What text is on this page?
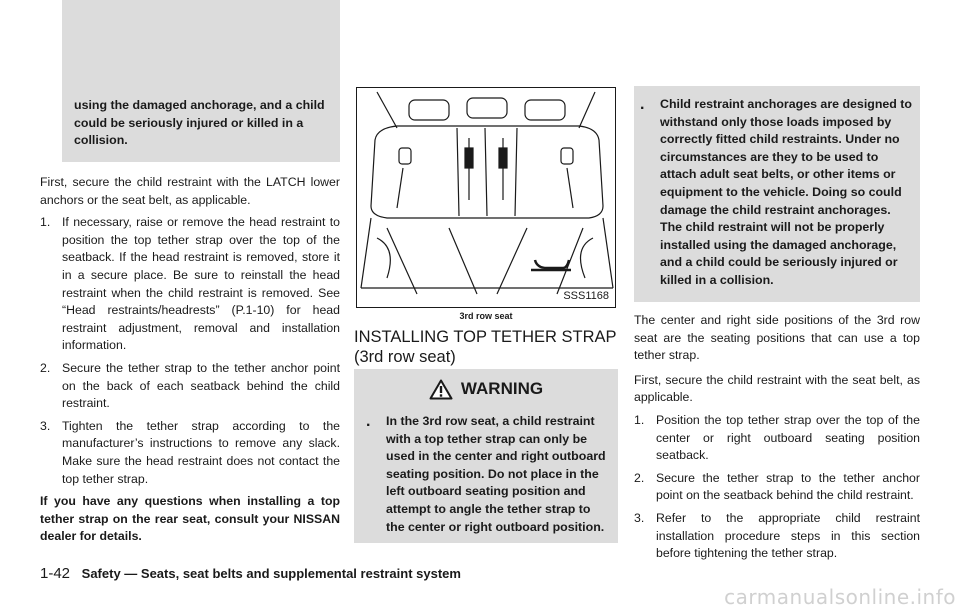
using the damaged anchorage, and a child could be seriously injured or killed in a collision.

First, secure the child restraint with the LATCH lower anchors or the seat belt, as applicable.

1. If necessary, raise or remove the head restraint to position the top tether strap over the top of the seatback. If the head restraint is removed, store it in a secure place. Be sure to reinstall the head restraint when the child restraint is removed. See “Head restraints/headrests” (P.1-10) for head restraint adjustment, removal and installation information.
2. Secure the tether strap to the tether anchor point on the back of each seatback behind the child restraint.
3. Tighten the tether strap according to the manufacturer’s instructions to remove any slack. Make sure the head restraint does not contact the top tether strap.

If you have any questions when installing a top tether strap on the rear seat, consult your NISSAN dealer for details.

SSS1168
3rd row seat
INSTALLING TOP TETHER STRAP (3rd row seat)
WARNING
.	In the 3rd row seat, a child restraint with a top tether strap can only be used in the center and right outboard seating position. Do not place in the left outboard seating position and attempt to angle the tether strap to the center or right outboard position.
.	Child restraint anchorages are designed to withstand only those loads imposed by correctly fitted child restraints. Under no circumstances are they to be used to attach adult seat belts, or other items or equipment to the vehicle. Doing so could damage the child restraint anchorages. The child restraint will not be properly installed using the damaged anchorage, and a child could be seriously injured or killed in a collision.

The center and right side positions of the 3rd row seat are the seating positions that can use a top tether strap.

First, secure the child restraint with the seat belt, as applicable.

1. Position the top tether strap over the top of the center or right outboard seating position seatback.
2. Secure the tether strap to the tether anchor point on the seatback behind the child restraint.
3. Refer to the appropriate child restraint installation procedure steps in this section before tightening the tether strap.
1-42 Safety — Seats, seat belts and supplemental restraint system
carmanualsonline.info
